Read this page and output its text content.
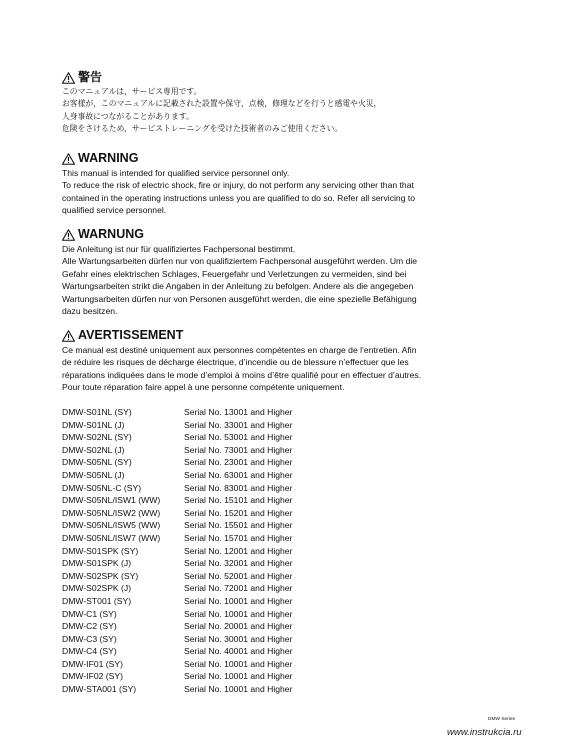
警告
このマニュアルは，サービス専用です。
お客様が，このマニュアルに記載された設置や保守，点検，修理などを行うと感電や火災，
人身事故につながることがあります。
危険をさけるため，サービストレーニングを受けた技術者のみご使用ください。
WARNING
This manual is intended for qualified service personnel only.
To reduce the risk of electric shock, fire or injury, do not perform any servicing other than that
contained in the operating instructions unless you are qualified to do so. Refer all servicing to
qualified service personnel.
WARNUNG
Die Anleitung ist nur für qualifiziertes Fachpersonal bestimmt.
Alle Wartungsarbeiten dürfen nur von qualifiziertem Fachpersonal ausgeführt werden. Um die
Gefahr eines elektrischen Schlages, Feuergefahr und Verletzungen zu vermeiden, sind bei
Wartungsarbeiten strikt die Angaben in der Anleitung zu befolgen. Andere als die angegeben
Wartungsarbeiten dürfen nur von Personen ausgeführt werden, die eine spezielle Befähigung
dazu besitzen.
AVERTISSEMENT
Ce manual est destiné uniquement aux personnes compétentes en charge de l’entretien. Afin
de réduire les risques de décharge électrique, d’incendie ou de blessure n’effectuer que les
réparations indiquées dans le mode d’emploi à moins d’être qualifié pour en effectuer d’autres.
Pour toute réparation faire appel à une personne compétente uniquement.
DMW-S01NL (SY)	Serial No. 13001 and Higher
DMW-S01NL (J)	Serial No. 33001 and Higher
DMW-S02NL (SY)	Serial No. 53001 and Higher
DMW-S02NL (J)	Serial No. 73001 and Higher
DMW-S05NL (SY)	Serial No. 23001 and Higher
DMW-S05NL (J)	Serial No. 63001 and Higher
DMW-S05NL-C (SY)	Serial No. 83001 and Higher
DMW-S05NL/ISW1 (WW)	Serial No. 15101 and Higher
DMW-S05NL/ISW2 (WW)	Serial No. 15201 and Higher
DMW-S05NL/ISW5 (WW)	Serial No. 15501 and Higher
DMW-S05NL/ISW7 (WW)	Serial No. 15701 and Higher
DMW-S01SPK (SY)	Serial No. 12001 and Higher
DMW-S01SPK (J)	Serial No. 32001 and Higher
DMW-S02SPK (SY)	Serial No. 52001 and Higher
DMW-S02SPK (J)	Serial No. 72001 and Higher
DMW-ST001 (SY)	Serial No. 10001 and Higher
DMW-C1 (SY)	Serial No. 10001 and Higher
DMW-C2 (SY)	Serial No. 20001 and Higher
DMW-C3 (SY)	Serial No. 30001 and Higher
DMW-C4 (SY)	Serial No. 40001 and Higher
DMW-IF01 (SY)	Serial No. 10001 and Higher
DMW-IF02 (SY)	Serial No. 10001 and Higher
DMW-STA001 (SY)	Serial No. 10001 and Higher
DMW Series
www.instrukcia.ru
